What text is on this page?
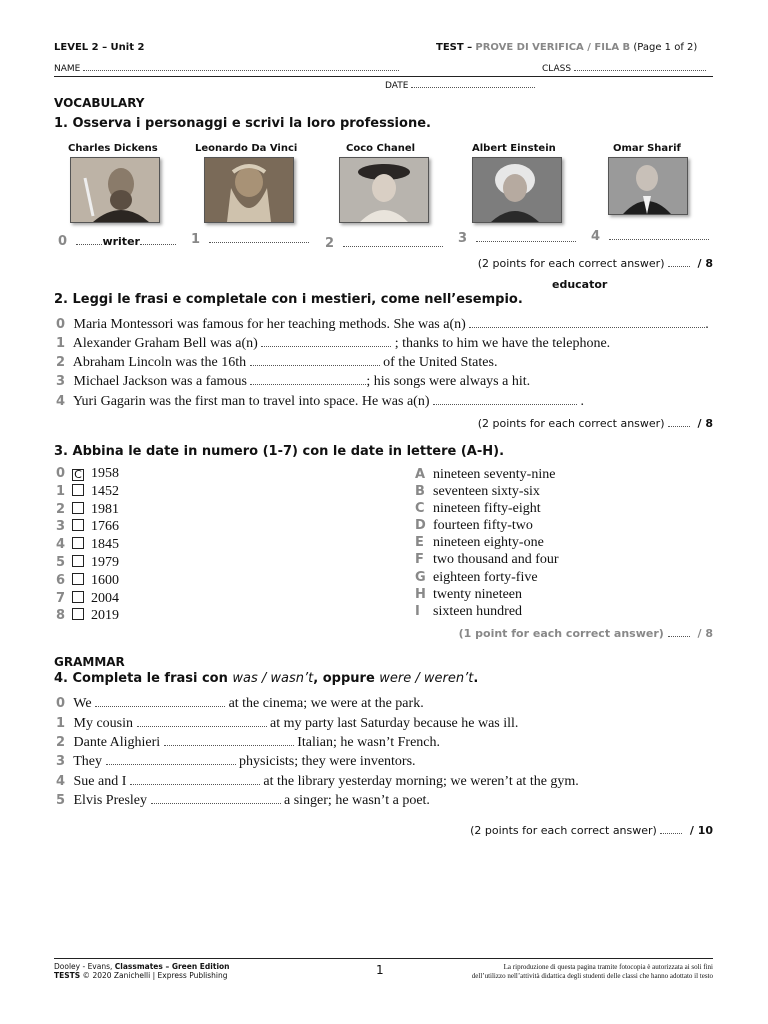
LEVEL 2 – Unit 2	TEST – PROVE DI VERIFICA / FILA B (Page 1 of 2)
NAME	CLASS
DATE
VOCABULARY
1. Osserva i personaggi e scrivi la loro professione.
Charles Dickens	Leonardo Da Vinci	Coco Chanel	Albert Einstein	Omar Sharif
0	writer	1	2	3	4
(2 points for each correct answer)	/ 8
educator
2. Leggi le frasi e completale con i mestieri, come nell’esempio.
0 Maria Montessori was famous for her teaching methods. She was a(n)	.
1 Alexander Graham Bell was a(n)	; thanks to him we have the telephone.
2 Abraham Lincoln was the 16th	of the United States.
3 Michael Jackson was a famous	; his songs were always a hit.
4 Yuri Gagarin was the first man to travel into space. He was a(n)	.
(2 points for each correct answer)	/ 8
3. Abbina le date in numero (1-7) con le date in lettere (A-H).
0 C 1958
1 1452
2 1981
3 1766
4 1845
5 1979
6 1600
7 2004
8 2019
A nineteen seventy-nine
B seventeen sixty-six
C nineteen fifty-eight
D fourteen fifty-two
E nineteen eighty-one
F two thousand and four
G eighteen forty-five
H twenty nineteen
I sixteen hundred
(1 point for each correct answer)	/ 8
GRAMMAR
4. Completa le frasi con was / wasn’t, oppure were / weren’t.
0 We	at the cinema; we were at the park.
1 My cousin	at my party last Saturday because he was ill.
2 Dante Alighieri	Italian; he wasn’t French.
3 They	physicists; they were inventors.
4 Sue and I	at the library yesterday morning; we weren’t at the gym.
5 Elvis Presley	a singer; he wasn’t a poet.
(2 points for each correct answer)	/ 10
Dooley - Evans, Classmates – Green Edition
TESTS © 2020 Zanichelli | Express Publishing	1	La riproduzione di questa pagina tramite fotocopia è autorizzata ai soli fini
dell’utilizzo nell’attività didattica degli studenti delle classi che hanno adottato il testo
